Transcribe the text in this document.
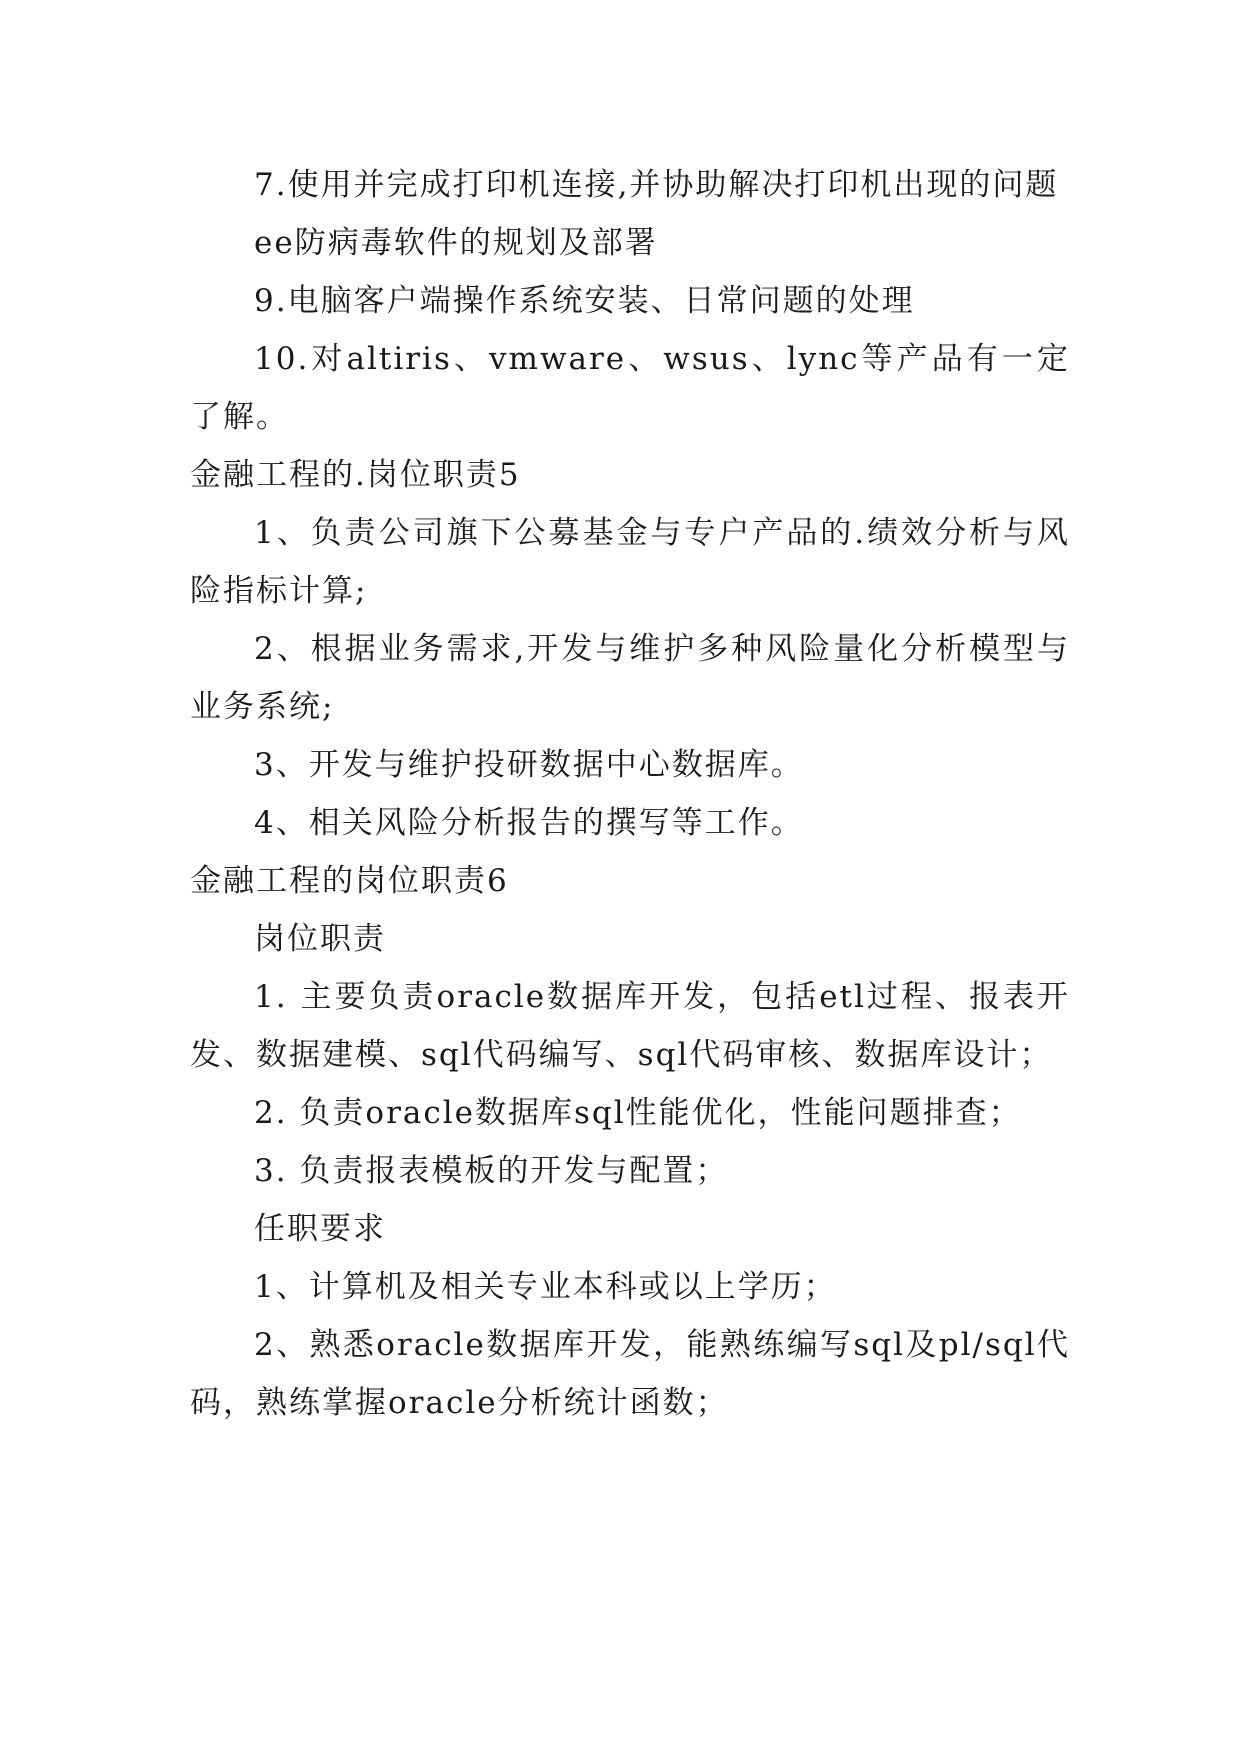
7.使用并完成打印机连接,并协助解决打印机出现的问题

ee防病毒软件的规划及部署

9.电脑客户端操作系统安装、日常问题的处理

10.对altiris、vmware、wsus、lync等产品有一定了解。

金融工程的.岗位职责5

1、负责公司旗下公募基金与专户产品的.绩效分析与风险指标计算;

2、根据业务需求,开发与维护多种风险量化分析模型与业务系统;

3、开发与维护投研数据中心数据库。

4、相关风险分析报告的撰写等工作。

金融工程的岗位职责6

岗位职责

1. 主要负责oracle数据库开发，包括etl过程、报表开发、数据建模、sql代码编写、sql代码审核、数据库设计；

2. 负责oracle数据库sql性能优化，性能问题排查；

3. 负责报表模板的开发与配置；

任职要求

1、计算机及相关专业本科或以上学历；

2、熟悉oracle数据库开发，能熟练编写sql及pl/sql代码，熟练掌握oracle分析统计函数；
